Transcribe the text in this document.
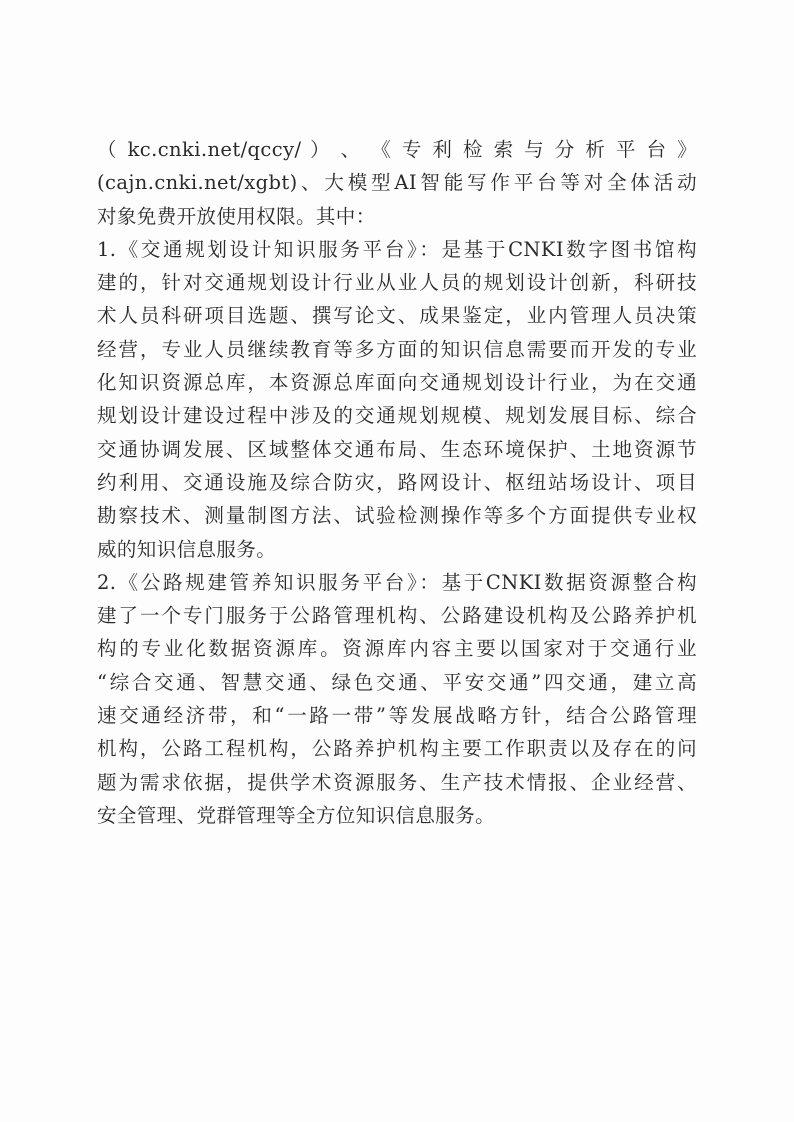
（ kc.cnki.net/qccy/ ） 、 《 专 利 检 索 与 分 析 平 台 》
(cajn.cnki.net/xgbt)、大模型AI智能写作平台等对全体活动
对象免费开放使用权限。其中：
1.《交通规划设计知识服务平台》：是基于CNKI数字图书馆构
建的，针对交通规划设计行业从业人员的规划设计创新，科研技
术人员科研项目选题、撰写论文、成果鉴定，业内管理人员决策
经营，专业人员继续教育等多方面的知识信息需要而开发的专业
化知识资源总库，本资源总库面向交通规划设计行业，为在交通
规划设计建设过程中涉及的交通规划规模、规划发展目标、综合
交通协调发展、区域整体交通布局、生态环境保护、土地资源节
约利用、交通设施及综合防灾，路网设计、枢纽站场设计、项目
勘察技术、测量制图方法、试验检测操作等多个方面提供专业权
威的知识信息服务。
2.《公路规建管养知识服务平台》：基于CNKI数据资源整合构
建了一个专门服务于公路管理机构、公路建设机构及公路养护机
构的专业化数据资源库。资源库内容主要以国家对于交通行业
“综合交通、智慧交通、绿色交通、平安交通”四交通，建立高
速交通经济带，和“一路一带”等发展战略方针，结合公路管理
机构，公路工程机构，公路养护机构主要工作职责以及存在的问
题为需求依据，提供学术资源服务、生产技术情报、企业经营、
安全管理、党群管理等全方位知识信息服务。
